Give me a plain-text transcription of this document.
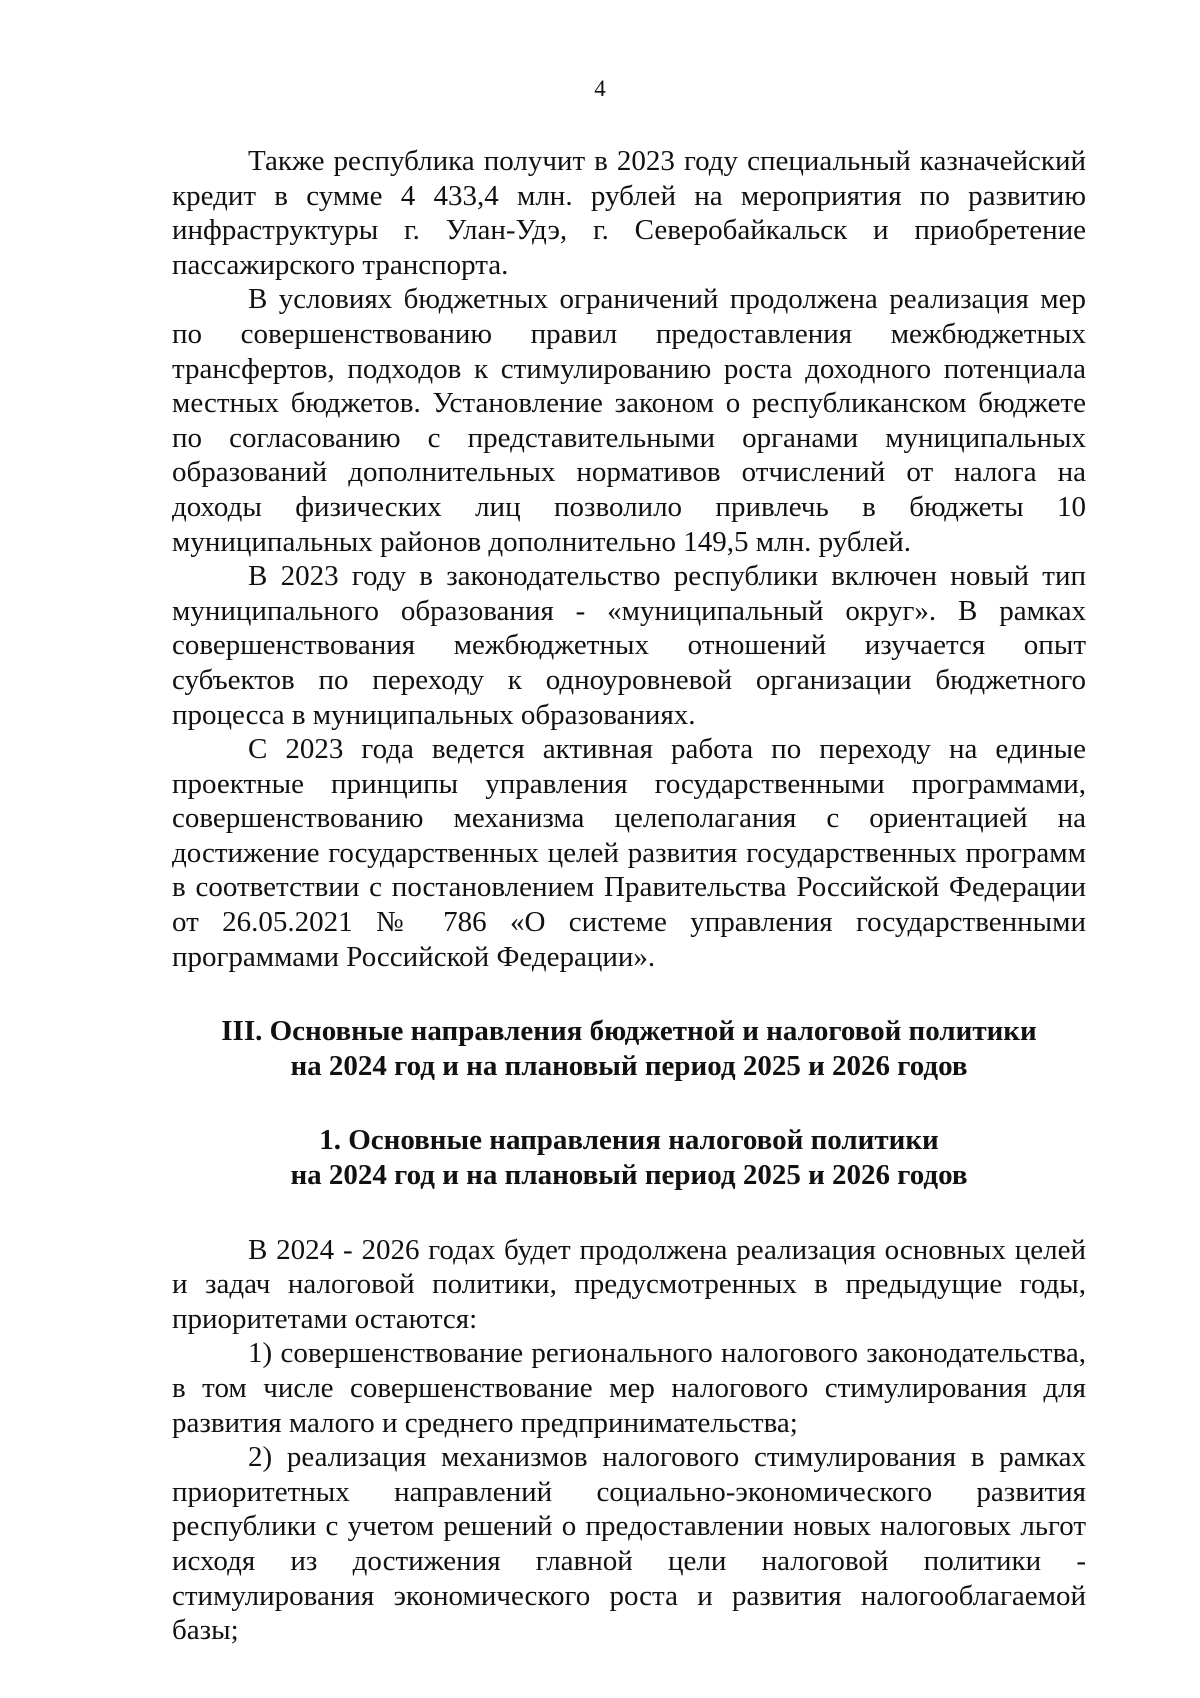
4

Также республика получит в 2023 году специальный казначейский кредит в сумме 4 433,4 млн. рублей на мероприятия по развитию инфраструктуры г. Улан-Удэ, г. Северобайкальск и приобретение пассажирского транспорта.

В условиях бюджетных ограничений продолжена реализация мер по совершенствованию правил предоставления межбюджетных трансфертов, подходов к стимулированию роста доходного потенциала местных бюджетов. Установление законом о республиканском бюджете по согласованию с представительными органами муниципальных образований дополнительных нормативов отчислений от налога на доходы физических лиц позволило привлечь в бюджеты 10 муниципальных районов дополнительно 149,5 млн. рублей.

В 2023 году в законодательство республики включен новый тип муниципального образования - «муниципальный округ». В рамках совершенствования межбюджетных отношений изучается опыт субъектов по переходу к одноуровневой организации бюджетного процесса в муниципальных образованиях.

С 2023 года ведется активная работа по переходу на единые проектные принципы управления государственными программами, совершенствованию механизма целеполагания с ориентацией на достижение государственных целей развития государственных программ в соответствии с постановлением Правительства Российской Федерации от 26.05.2021 № 786 «О системе управления государственными программами Российской Федерации».

III. Основные направления бюджетной и налоговой политики
на 2024 год и на плановый период 2025 и 2026 годов
1. Основные направления налоговой политики
на 2024 год и на плановый период 2025 и 2026 годов

В 2024 - 2026 годах будет продолжена реализация основных целей и задач налоговой политики, предусмотренных в предыдущие годы, приоритетами остаются:

1) совершенствование регионального налогового законодательства, в том числе совершенствование мер налогового стимулирования для развития малого и среднего предпринимательства;

2) реализация механизмов налогового стимулирования в рамках приоритетных направлений социально-экономического развития республики с учетом решений о предоставлении новых налоговых льгот исходя из достижения главной цели налоговой политики - стимулирования экономического роста и развития налогооблагаемой базы;
